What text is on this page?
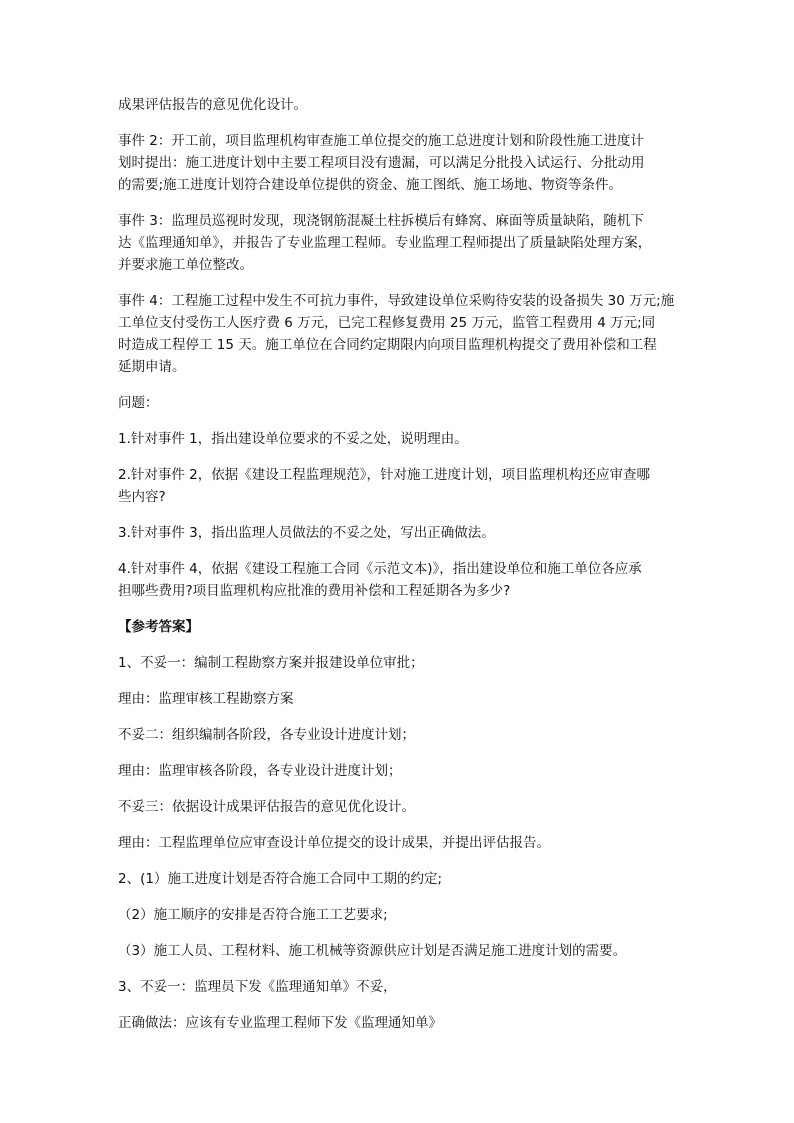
成果评估报告的意见优化设计。

事件 2：开工前，项目监理机构审查施工单位提交的施工总进度计划和阶段性施工进度计
划时提出：施工进度计划中主要工程项目没有遗漏，可以满足分批投入试运行、分批动用
的需要;施工进度计划符合建设单位提供的资金、施工图纸、施工场地、物资等条件。

事件 3：监理员巡视时发现，现浇钢筋混凝土柱拆模后有蜂窝、麻面等质量缺陷，随机下
达《监理通知单》，并报告了专业监理工程师。专业监理工程师提出了质量缺陷处理方案，
并要求施工单位整改。

事件 4：工程施工过程中发生不可抗力事件，导致建设单位采购待安装的设备损失 30 万元;施
工单位支付受伤工人医疗费 6 万元，已完工程修复费用 25 万元，监管工程费用 4 万元;同
时造成工程停工 15 天。施工单位在合同约定期限内向项目监理机构提交了费用补偿和工程
延期申请。

问题：

1.针对事件 1，指出建设单位要求的不妥之处，说明理由。

2.针对事件 2，依据《建设工程监理规范》，针对施工进度计划，项目监理机构还应审查哪
些内容?

3.针对事件 3，指出监理人员做法的不妥之处，写出正确做法。

4.针对事件 4，依据《建设工程施工合同《示范文本)》，指出建设单位和施工单位各应承
担哪些费用?项目监理机构应批准的费用补偿和工程延期各为多少?

【参考答案】

1、不妥一：编制工程勘察方案并报建设单位审批；

理由：监理审核工程勘察方案

不妥二：组织编制各阶段，各专业设计进度计划；

理由：监理审核各阶段，各专业设计进度计划；

不妥三：依据设计成果评估报告的意见优化设计。

理由：工程监理单位应审查设计单位提交的设计成果，并提出评估报告。

2、(1）施工进度计划是否符合施工合同中工期的约定;

（2）施工顺序的安排是否符合施工工艺要求;

（3）施工人员、工程材料、施工机械等资源供应计划是否满足施工进度计划的需要。

3、不妥一：监理员下发《监理通知单》不妥，

正确做法：应该有专业监理工程师下发《监理通知单》
